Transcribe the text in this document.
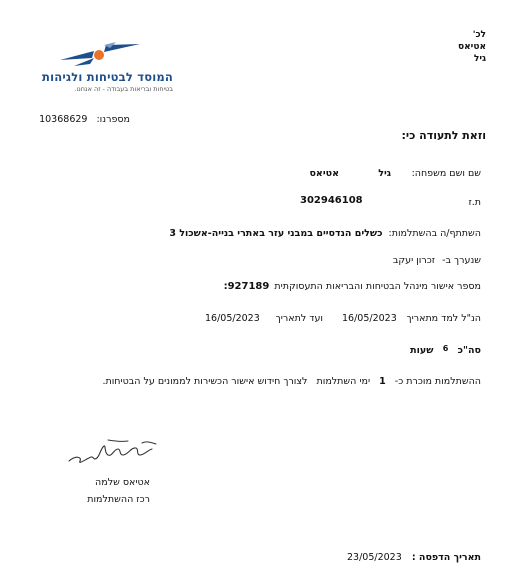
לכ'
אטיאס
גיל
המוסד לבטיחות ולגיהות
בטיחות ובריאות בעבודה - זה אנחנו.
מספרנו: 10368629
וזאת לתעודה כי:
שם ושם משפחה:
גיל
אטיאס
ת.ז
302946108
השתתף/ה בהשתלמות: כשלים הנדסיים במבני עזר באתרי בנייה-אשכול 3
שנערך ב- זכרון יעקב
מספר אישור מינהל הבטיחות והבריאות התעסוקתית :927189
הנ"ל למד מתאריך
16/05/2023
ועד לתאריך
16/05/2023
סה"כ $^6$ שעות
ההשתלמות מוכרת כ- 1 ימי השתלמות   לצורך חידוש אישור הכשירות לממונים על הבטיחות.
אטיאס שלמה
רכז ההשתלמות
תאריך הדפסה :
23/05/2023
